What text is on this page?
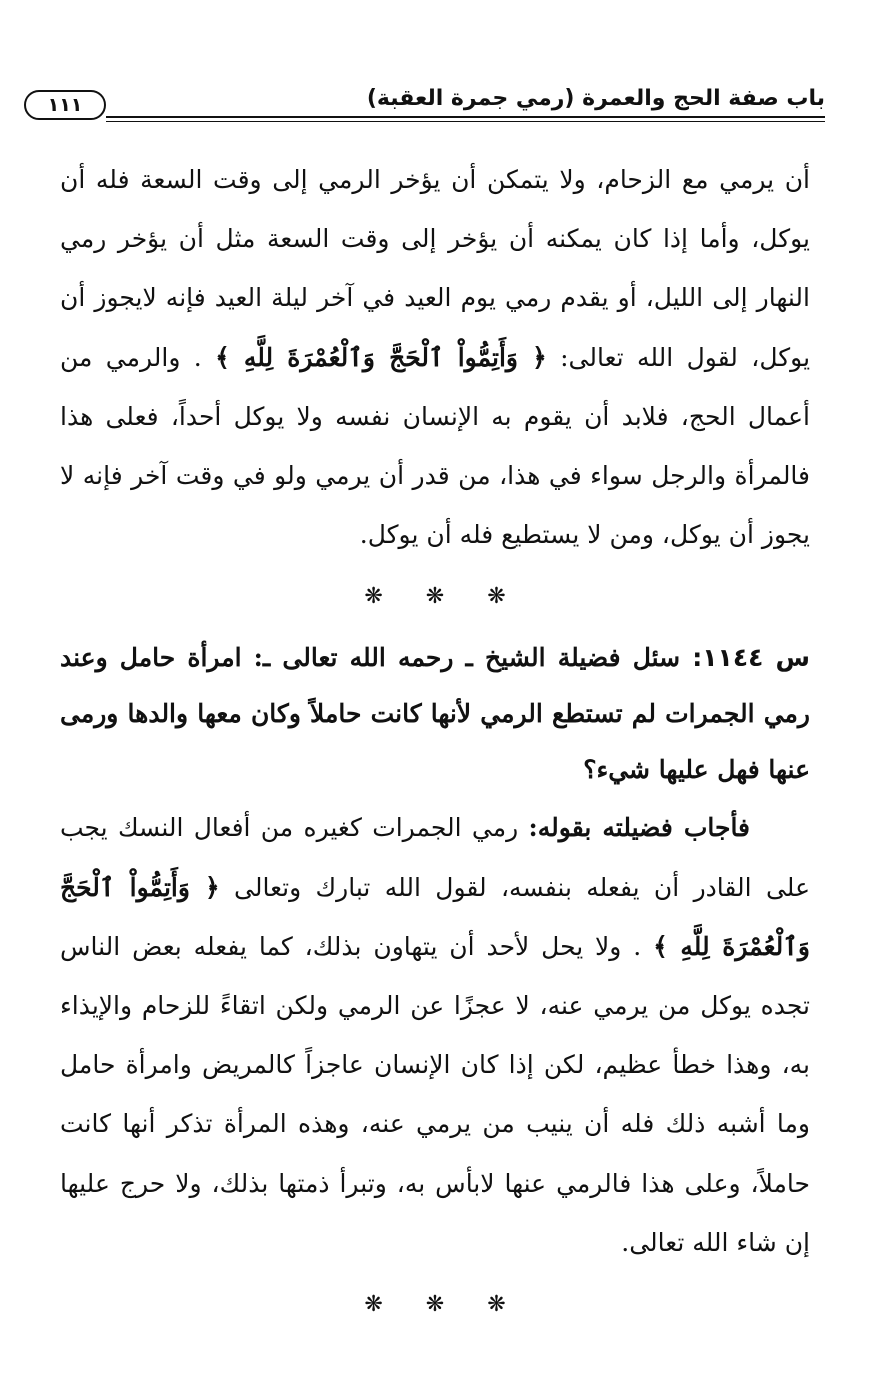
باب صفة الحج والعمرة (رمي جمرة العقبة)
١١١

أن يرمي مع الزحام، ولا يتمكن أن يؤخر الرمي إلى وقت السعة فله أن يوكل، وأما إذا كان يمكنه أن يؤخر إلى وقت السعة مثل أن يؤخر رمي النهار إلى الليل، أو يقدم رمي يوم العيد في آخر ليلة العيد فإنه لايجوز أن يوكل، لقول الله تعالى: ﴿ وَأَتِمُّواْ ٱلْحَجَّ وَٱلْعُمْرَةَ لِلَّهِ ﴾ . والرمي من أعمال الحج، فلابد أن يقوم به الإنسان نفسه ولا يوكل أحداً، فعلى هذا فالمرأة والرجل سواء في هذا، من قدر أن يرمي ولو في وقت آخر فإنه لا يجوز أن يوكل، ومن لا يستطيع فله أن يوكل.

❋ ❋ ❋

س ١١٤٤: سئل فضيلة الشيخ ـ رحمه الله تعالى ـ: امرأة حامل وعند رمي الجمرات لم تستطع الرمي لأنها كانت حاملاً وكان معها والدها ورمى عنها فهل عليها شيء؟

فأجاب فضيلته بقوله: رمي الجمرات كغيره من أفعال النسك يجب على القادر أن يفعله بنفسه، لقول الله تبارك وتعالى ﴿ وَأَتِمُّواْ ٱلْحَجَّ وَٱلْعُمْرَةَ لِلَّهِ ﴾ . ولا يحل لأحد أن يتهاون بذلك، كما يفعله بعض الناس تجده يوكل من يرمي عنه، لا عجزًا عن الرمي ولكن اتقاءً للزحام والإيذاء به، وهذا خطأ عظيم، لكن إذا كان الإنسان عاجزاً كالمريض وامرأة حامل وما أشبه ذلك فله أن ينيب من يرمي عنه، وهذه المرأة تذكر أنها كانت حاملاً، وعلى هذا فالرمي عنها لابأس به، وتبرأ ذمتها بذلك، ولا حرج عليها إن شاء الله تعالى.

❋ ❋ ❋
